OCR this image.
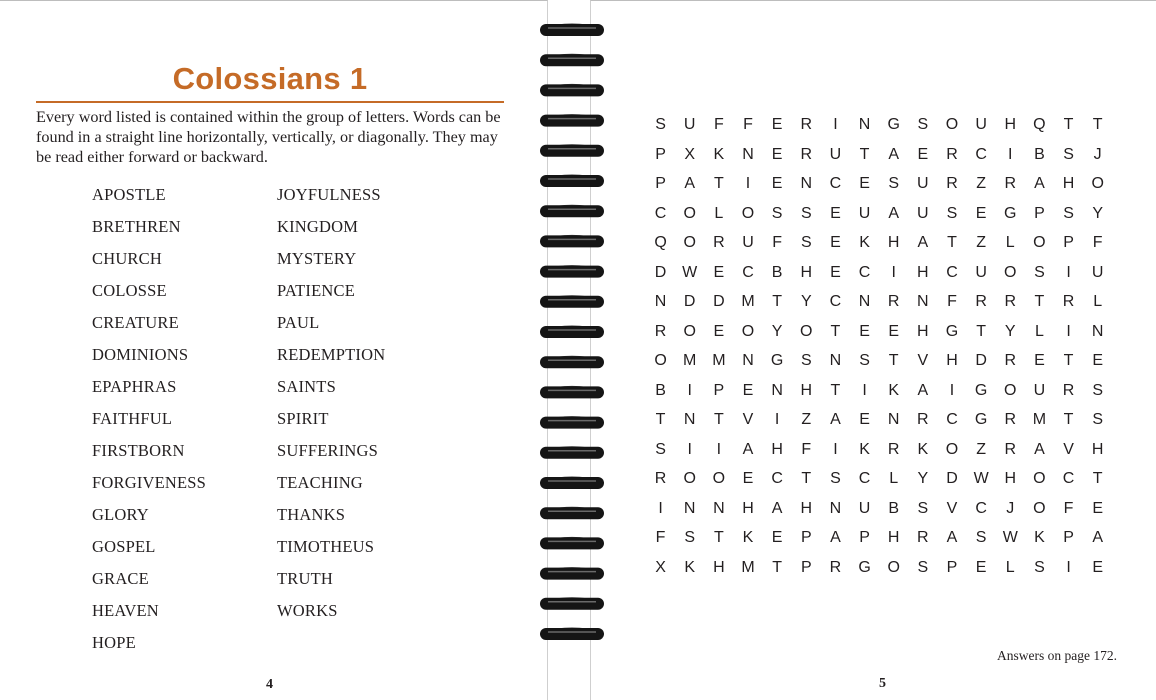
Colossians 1
Every word listed is contained within the group of letters. Words can be found in a straight line horizontally, vertically, or diagonally. They may be read either forward or backward.
APOSTLE
BRETHREN
CHURCH
COLOSSE
CREATURE
DOMINIONS
EPAPHRAS
FAITHFUL
FIRSTBORN
FORGIVENESS
GLORY
GOSPEL
GRACE
HEAVEN
HOPE
JOYFULNESS
KINGDOM
MYSTERY
PATIENCE
PAUL
REDEMPTION
SAINTS
SPIRIT
SUFFERINGS
TEACHING
THANKS
TIMOTHEUS
TRUTH
WORKS
4
S U F F E R I N G S O U H Q T T
P X K N E R U T A E R C I B S J
P A T I E N C E S U R Z R A H O
C O L O S S E U A U S E G P S Y
Q O R U F S E K H A T Z L O P F
D W E C B H E C I H C U O S I U
N D D M T Y C N R N F R R T R L
R O E O Y O T E E H G T Y L I N
O M M N G S N S T V H D R E T E
B I P E N H T I K A I G O U R S
T N T V I Z A E N R C G R M T S
S I I A H F I K R K O Z R A V H
R O O E C T S C L Y D W H O C T
I N N H A H N U B S V C J O F E
F S T K E P A P H R A S W K P A
X K H M T P R G O S P E L S I E
Answers on page 172.
5
